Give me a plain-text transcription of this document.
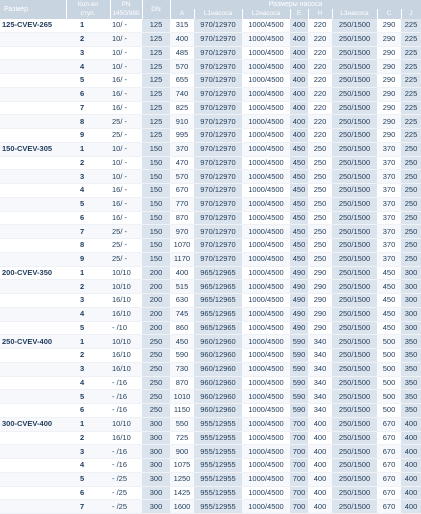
Размер	Кол-во	PN	DN	Размеры насоса							
	ступ.	1450/980		A	L1насоса	L2насоса	E	H	L3насоса	C	J
125-CVEV-265	1	10/ -	125	315	970/12970	1000/4500	400	220	250/1500	290	225
	2	10/ -	125	400	970/12970	1000/4500	400	220	250/1500	290	225
	3	10/ -	125	485	970/12970	1000/4500	400	220	250/1500	290	225
	4	10/ -	125	570	970/12970	1000/4500	400	220	250/1500	290	225
	5	16/ -	125	655	970/12970	1000/4500	400	220	250/1500	290	225
	6	16/ -	125	740	970/12970	1000/4500	400	220	250/1500	290	225
	7	16/ -	125	825	970/12970	1000/4500	400	220	250/1500	290	225
	8	25/ -	125	910	970/12970	1000/4500	400	220	250/1500	290	225
	9	25/ -	125	995	970/12970	1000/4500	400	220	250/1500	290	225
150-CVEV-305	1	10/ -	150	370	970/12970	1000/4500	450	250	250/1500	370	250
	2	10/ -	150	470	970/12970	1000/4500	450	250	250/1500	370	250
	3	10/ -	150	570	970/12970	1000/4500	450	250	250/1500	370	250
	4	16/ -	150	670	970/12970	1000/4500	450	250	250/1500	370	250
	5	16/ -	150	770	970/12970	1000/4500	450	250	250/1500	370	250
	6	16/ -	150	870	970/12970	1000/4500	450	250	250/1500	370	250
	7	25/ -	150	970	970/12970	1000/4500	450	250	250/1500	370	250
	8	25/ -	150	1070	970/12970	1000/4500	450	250	250/1500	370	250
	9	25/ -	150	1170	970/12970	1000/4500	450	250	250/1500	370	250
200-CVEV-350	1	10/10	200	400	965/12965	1000/4500	490	290	250/1500	450	300
	2	10/10	200	515	965/12965	1000/4500	490	290	250/1500	450	300
	3	16/10	200	630	965/12965	1000/4500	490	290	250/1500	450	300
	4	16/10	200	745	965/12965	1000/4500	490	290	250/1500	450	300
	5	- /10	200	860	965/12965	1000/4500	490	290	250/1500	450	300
250-CVEV-400	1	10/10	250	450	960/12960	1000/4500	590	340	250/1500	500	350
	2	16/10	250	590	960/12960	1000/4500	590	340	250/1500	500	350
	3	16/10	250	730	960/12960	1000/4500	590	340	250/1500	500	350
	4	- /16	250	870	960/12960	1000/4500	590	340	250/1500	500	350
	5	- /16	250	1010	960/12960	1000/4500	590	340	250/1500	500	350
	6	- /16	250	1150	960/12960	1000/4500	590	340	250/1500	500	350
300-CVEV-400	1	10/10	300	550	955/12955	1000/4500	700	400	250/1500	670	400
	2	16/10	300	725	955/12955	1000/4500	700	400	250/1500	670	400
	3	- /16	300	900	955/12955	1000/4500	700	400	250/1500	670	400
	4	- /16	300	1075	955/12955	1000/4500	700	400	250/1500	670	400
	5	- /25	300	1250	955/12955	1000/4500	700	400	250/1500	670	400
	6	- /25	300	1425	955/12955	1000/4500	700	400	250/1500	670	400
	7	- /25	300	1600	955/12955	1000/4500	700	400	250/1500	670	400
